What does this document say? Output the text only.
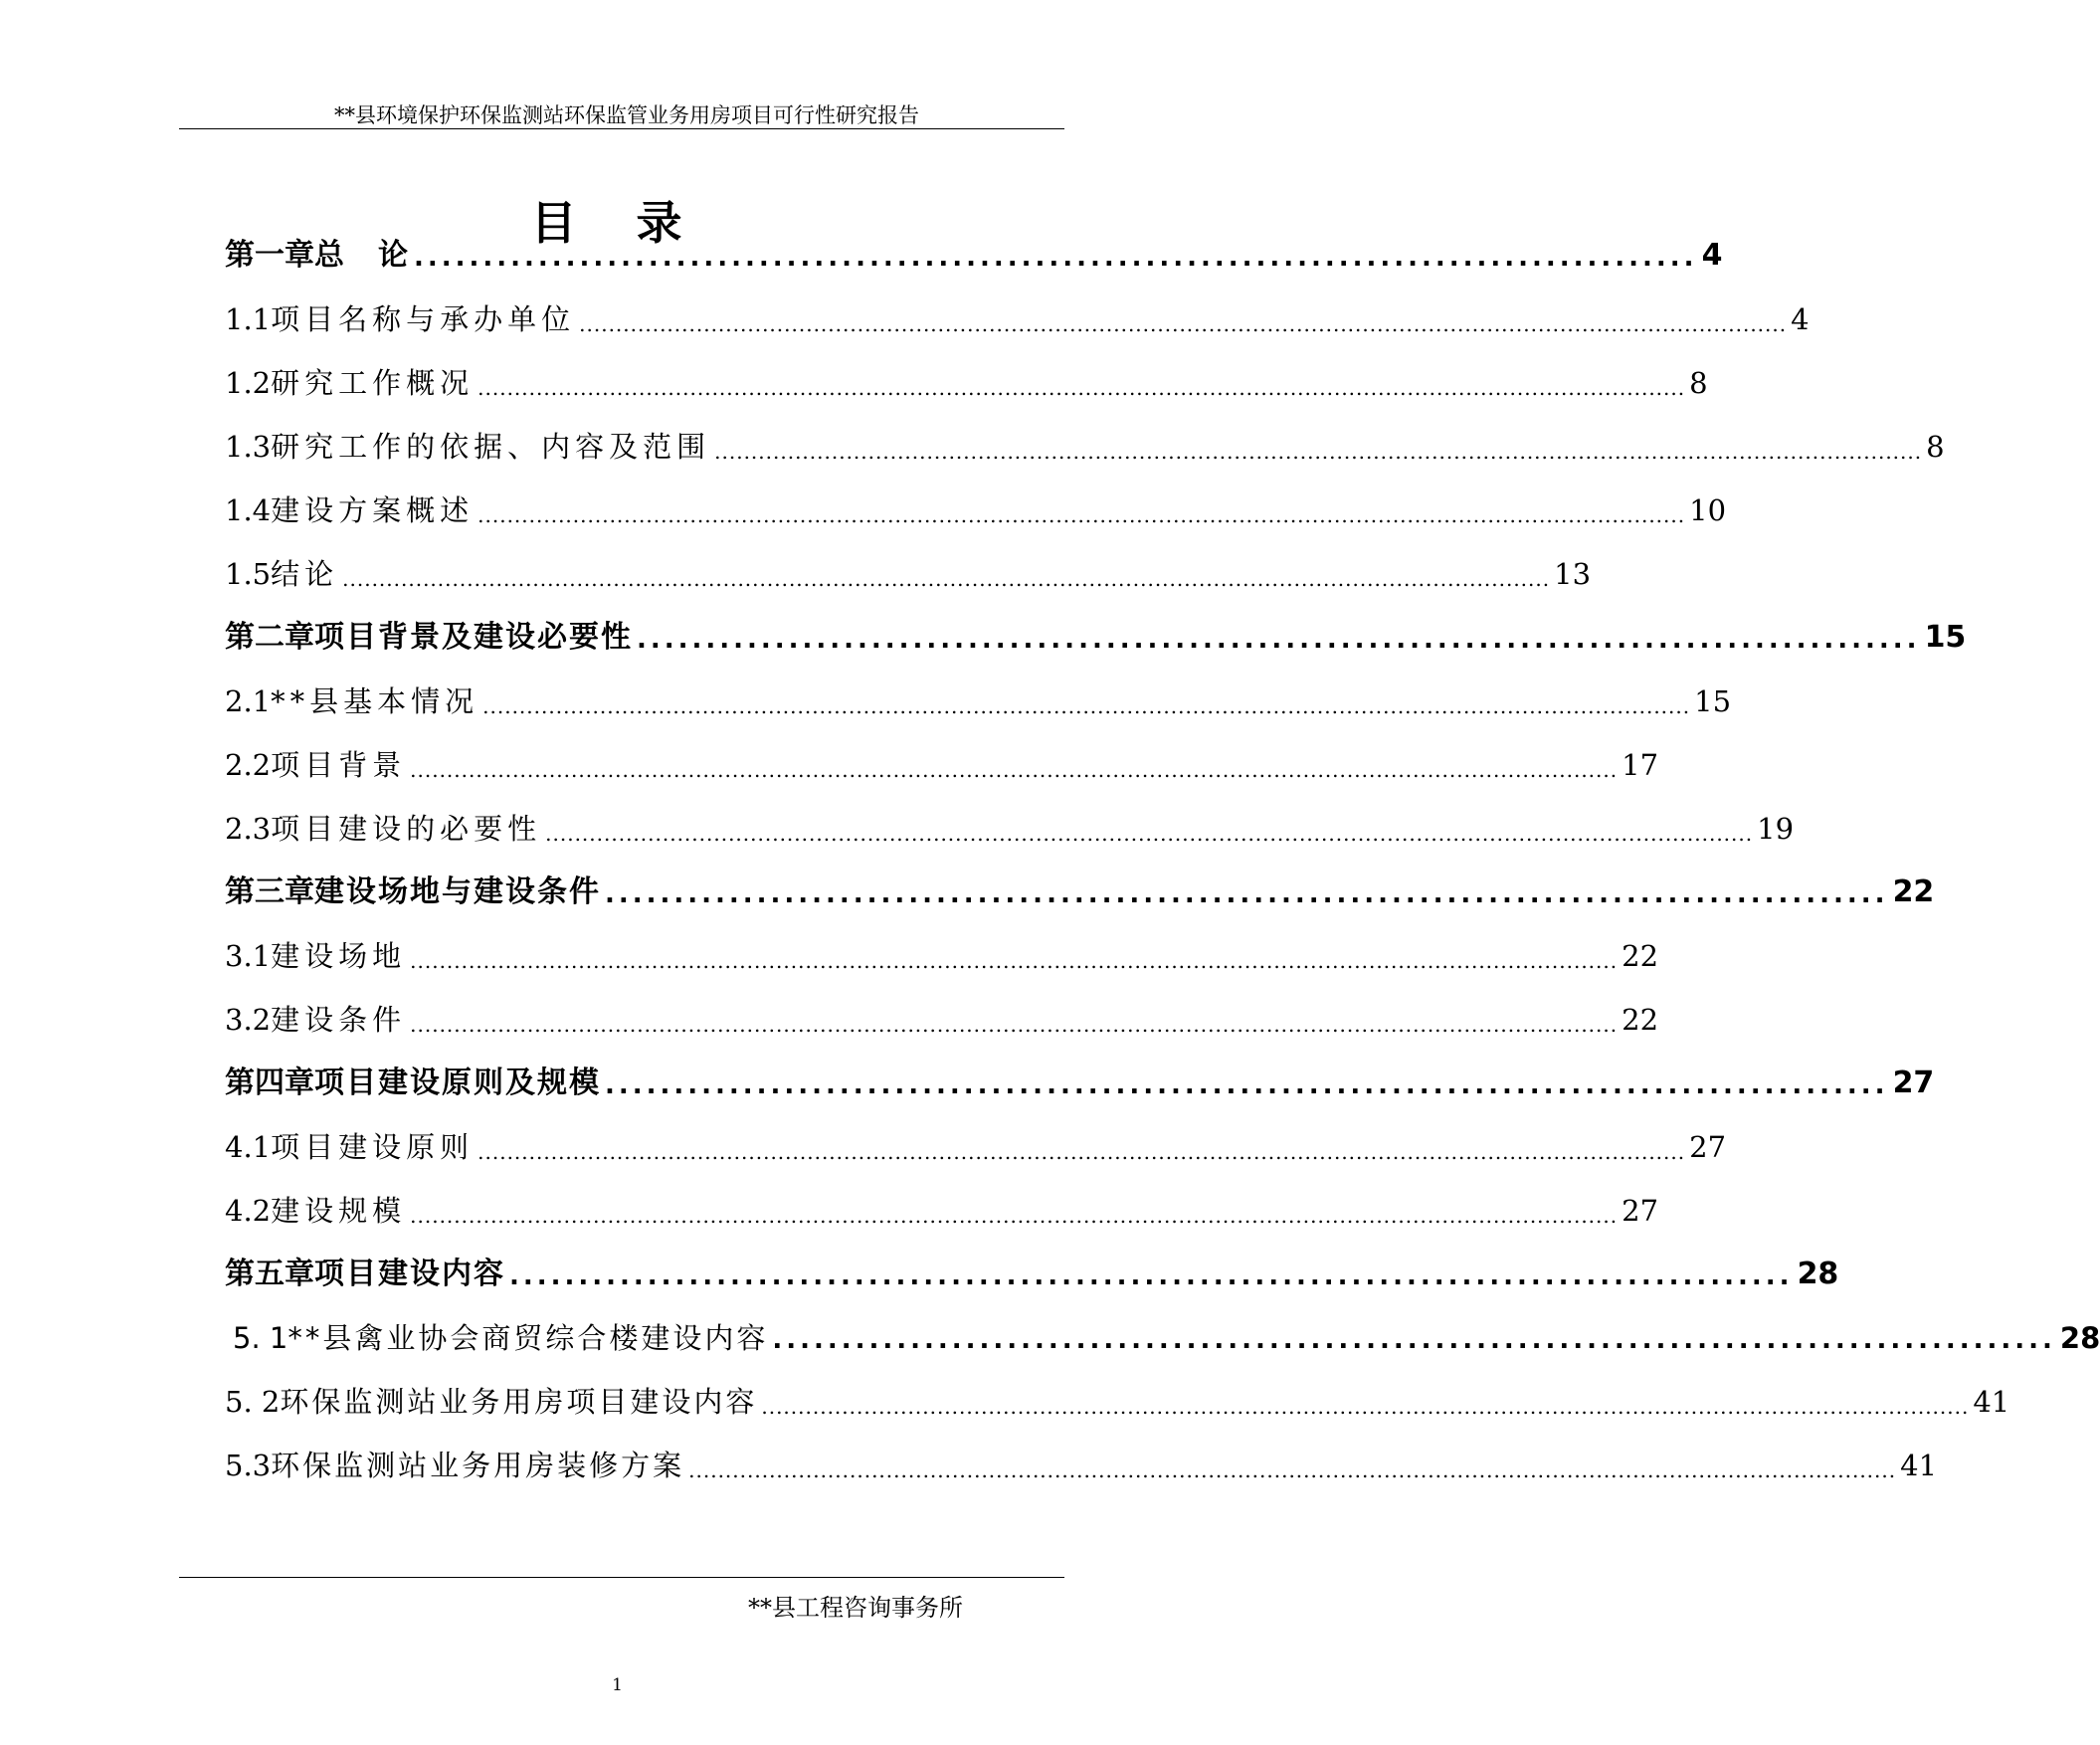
**县环境保护环保监测站环保监管业务用房项目可行性研究报告
目 录
第一章 总　论 ............................................................................................. 4
1.1 项目名称与承办单位 ..................................................................................................................................................................... 4
1.2 研究工作概况 ..................................................................................................................................................................... 8
1.3 研究工作的依据、内容及范围 ..................................................................................................................................................................... 8
1.4 建设方案概述 ..................................................................................................................................................................... 10
1.5 结论 ..................................................................................................................................................................... 13
第二章 项目背景及建设必要性 ............................................................................................. 15
2.1 **县基本情况 ..................................................................................................................................................................... 15
2.2 项目背景 ..................................................................................................................................................................... 17
2.3 项目建设的必要性 ..................................................................................................................................................................... 19
第三章 建设场地与建设条件 ............................................................................................. 22
3.1 建设场地 ..................................................................................................................................................................... 22
3.2 建设条件 ..................................................................................................................................................................... 22
第四章 项目建设原则及规模 ............................................................................................. 27
4.1 项目建设原则 ..................................................................................................................................................................... 27
4.2 建设规模 ..................................................................................................................................................................... 27
第五章 项目建设内容 ............................................................................................. 28
5. 1 **县禽业协会商贸综合楼建设内容 ............................................................................................. 28
5. 2 环保监测站业务用房项目建设内容 ..................................................................................................................................................................... 41
5.3 环保监测站业务用房装修方案 ..................................................................................................................................................................... 41
**县工程咨询事务所
1
